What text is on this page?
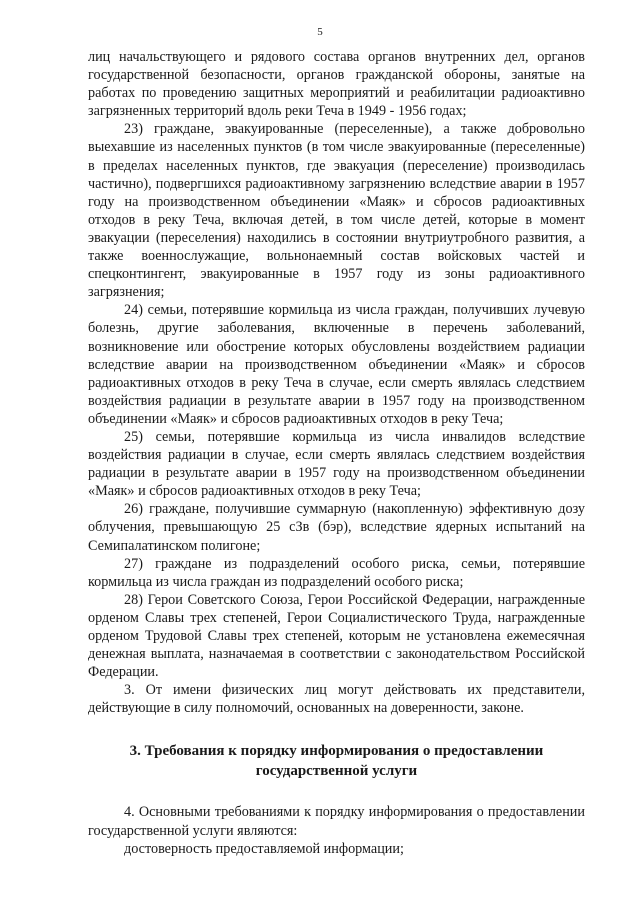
5

лиц начальствующего и рядового состава органов внутренних дел, органов государственной безопасности, органов гражданской обороны, занятые на работах по проведению защитных мероприятий и реабилитации радиоактивно загрязненных территорий вдоль реки Теча в 1949 - 1956 годах;

23) граждане, эвакуированные (переселенные), а также добровольно выехавшие из населенных пунктов (в том числе эвакуированные (переселенные) в пределах населенных пунктов, где эвакуация (переселение) производилась частично), подвергшихся радиоактивному загрязнению вследствие аварии в 1957 году на производственном объединении «Маяк» и сбросов радиоактивных отходов в реку Теча, включая детей, в том числе детей, которые в момент эвакуации (переселения) находились в состоянии внутриутробного развития, а также военнослужащие, вольнонаемный состав войсковых частей и спецконтингент, эвакуированные в 1957 году из зоны радиоактивного загрязнения;

24) семьи, потерявшие кормильца из числа граждан, получивших лучевую болезнь, другие заболевания, включенные в перечень заболеваний, возникновение или обострение которых обусловлены воздействием радиации вследствие аварии на производственном объединении «Маяк» и сбросов радиоактивных отходов в реку Теча в случае, если смерть являлась следствием воздействия радиации в результате аварии в 1957 году на производственном объединении «Маяк» и сбросов радиоактивных отходов в реку Теча;

25) семьи, потерявшие кормильца из числа инвалидов вследствие воздействия радиации в случае, если смерть являлась следствием воздействия радиации в результате аварии в 1957 году на производственном объединении «Маяк» и сбросов радиоактивных отходов в реку Теча;

26) граждане, получившие суммарную (накопленную) эффективную дозу облучения, превышающую 25 сЗв (бэр), вследствие ядерных испытаний на Семипалатинском полигоне;

27) граждане из подразделений особого риска, семьи, потерявшие кормильца из числа граждан из подразделений особого риска;

28) Герои Советского Союза, Герои Российской Федерации, награжденные орденом Славы трех степеней, Герои Социалистического Труда, награжденные орденом Трудовой Славы трех степеней, которым не установлена ежемесячная денежная выплата, назначаемая в соответствии с законодательством Российской Федерации.

3. От имени физических лиц могут действовать их представители, действующие в силу полномочий, основанных на доверенности, законе.

3. Требования к порядку информирования о предоставлении государственной услуги

4. Основными требованиями к порядку информирования о предоставлении государственной услуги являются:

достоверность предоставляемой информации;
